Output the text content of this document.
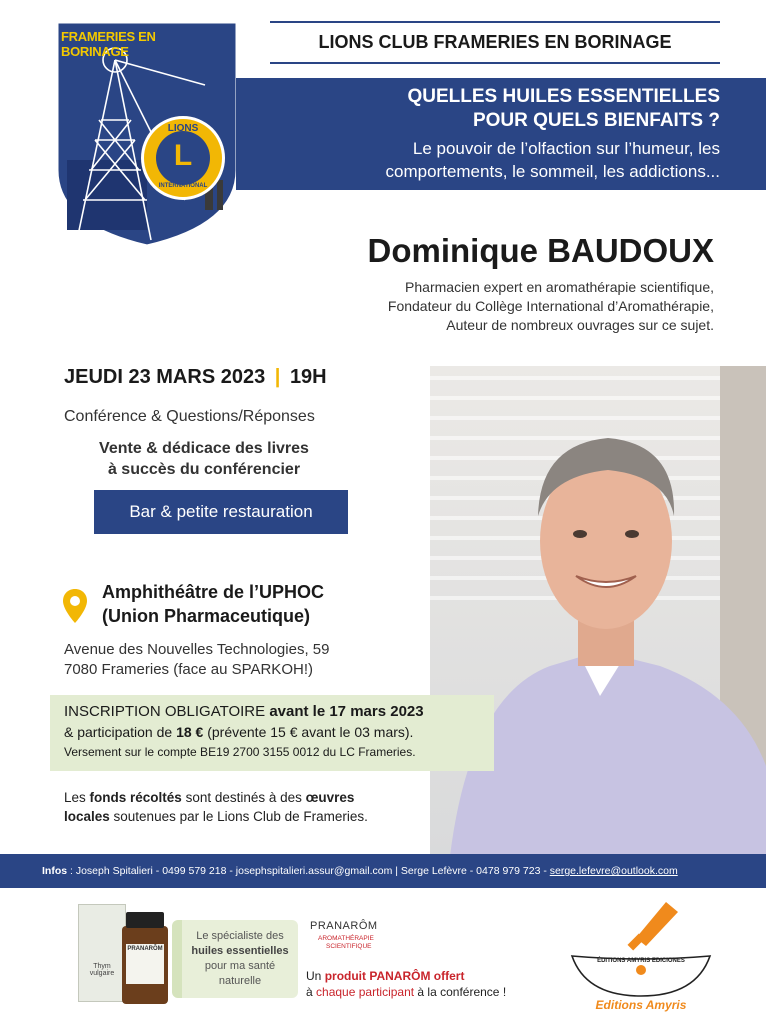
FRAMERIES EN BORINAGE
LIONS
L
INTERNATIONAL
LIONS CLUB FRAMERIES EN BORINAGE
QUELLES HUILES ESSENTIELLES
POUR QUELS BIENFAITS ?
Le pouvoir de l’olfaction sur l’humeur, les
comportements, le sommeil, les addictions...
Dominique BAUDOUX
Pharmacien expert en aromathérapie scientifique,
Fondateur du Collège International d’Aromathérapie,
Auteur de nombreux ouvrages sur ce sujet.
JEUDI 23 MARS 2023 | 19H
Conférence & Questions/Réponses
Vente & dédicace des livres
à succès du conférencier
Bar & petite restauration
Amphithéâtre de l’UPHOC
(Union Pharmaceutique)
Avenue des Nouvelles Technologies, 59
7080 Frameries (face au SPARKOH!)
INSCRIPTION OBLIGATOIRE avant le 17 mars 2023
& participation de 18 € (prévente 15 € avant le 03 mars).
Versement sur le compte BE19 2700 3155 0012 du LC Frameries.
Les fonds récoltés sont destinés à des œuvres
locales soutenues par le Lions Club de Frameries.
Infos : Joseph Spitalieri - 0499 579 218 - josephspitalieri.assur@gmail.com | Serge Lefèvre - 0478 979 723 - serge.lefevre@outlook.com
Le spécialiste des
huiles essentielles
pour ma santé
naturelle
Thym vulgaire
PRANARÔM
PRANARÔM
AROMATHÉRAPIE
SCIENTIFIQUE
Un produit PANARÔM offert
à chaque participant à la conférence !
ÉDITIONS AMYRIS EDICIONES
Editions Amyris
